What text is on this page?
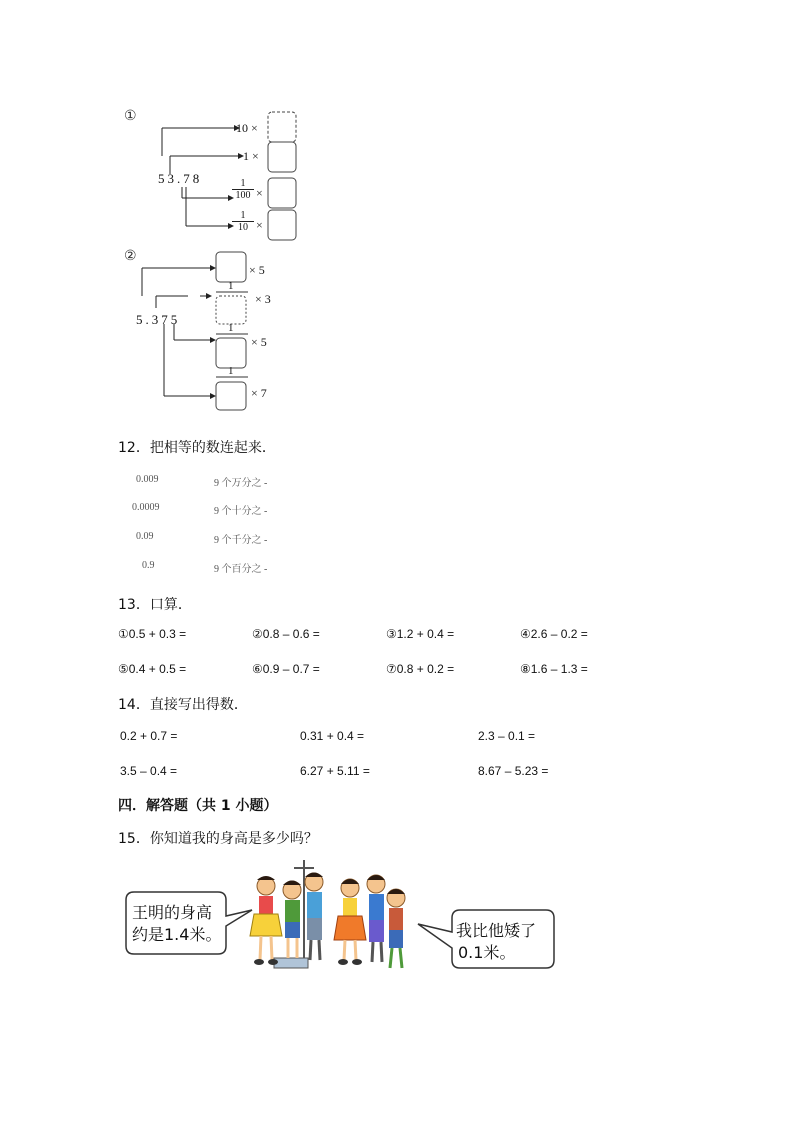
①
10 ×
1 ×
53.78	$\frac{1}{100}$ ×
$\frac{1}{10}$ ×
②
× 5
1
× 3
5.375
1
× 5
1
× 7
12．把相等的数连起来．
0.009
0.0009
0.09
0.9
9 个万分之 -
9 个十分之 -
9 个千分之 -
9 个百分之 -
13．口算．
①0.5 + 0.3 =	②0.8 – 0.6 =	③1.2 + 0.4 =	④2.6 – 0.2 =
⑤0.4 + 0.5 =	⑥0.9 – 0.7 =	⑦0.8 + 0.2 =	⑧1.6 – 1.3 =
14．直接写出得数．
0.2 + 0.7 =	0.31 + 0.4 =	2.3 – 0.1 =
3.5 – 0.4 =	6.27 + 5.11 =	8.67 – 5.23 =
四．解答题（共 1 小题）
15．你知道我的身高是多少吗？
王明的身高
约是1.4米。	我比他矮了
0.1米。
